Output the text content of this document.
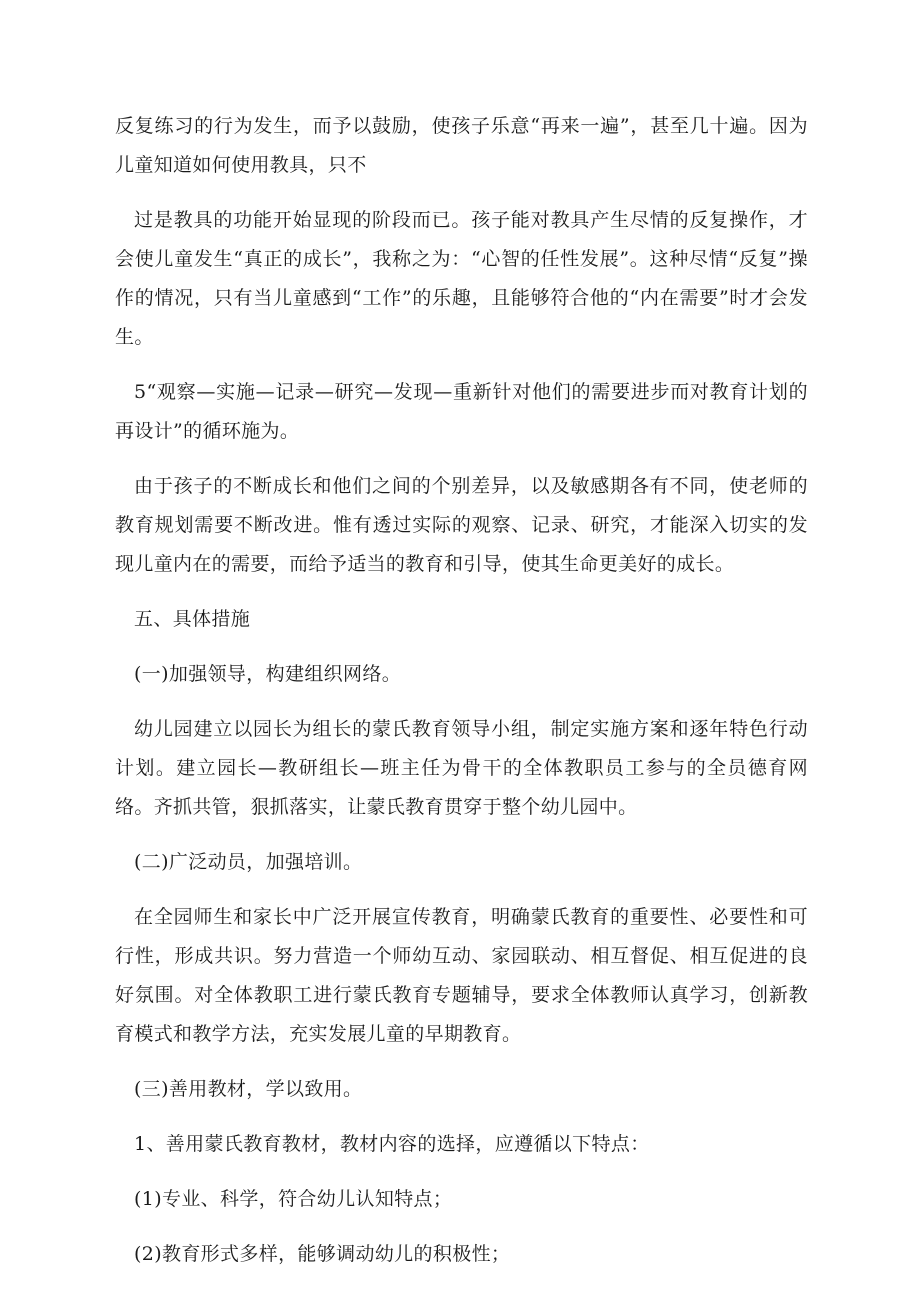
反复练习的行为发生，而予以鼓励，使孩子乐意“再来一遍”，甚至几十遍。因为儿童知道如何使用教具，只不

过是教具的功能开始显现的阶段而已。孩子能对教具产生尽情的反复操作，才会使儿童发生“真正的成长”，我称之为：“心智的任性发展”。这种尽情“反复”操作的情况，只有当儿童感到“工作”的乐趣，且能够符合他的“内在需要”时才会发生。

5“观察—实施—记录—研究—发现—重新针对他们的需要进步而对教育计划的再设计”的循环施为。

由于孩子的不断成长和他们之间的个别差异，以及敏感期各有不同，使老师的教育规划需要不断改进。惟有透过实际的观察、记录、研究，才能深入切实的发现儿童内在的需要，而给予适当的教育和引导，使其生命更美好的成长。

五、具体措施

(一)加强领导，构建组织网络。

幼儿园建立以园长为组长的蒙氏教育领导小组，制定实施方案和逐年特色行动计划。建立园长—教研组长—班主任为骨干的全体教职员工参与的全员德育网络。齐抓共管，狠抓落实，让蒙氏教育贯穿于整个幼儿园中。

(二)广泛动员，加强培训。

在全园师生和家长中广泛开展宣传教育，明确蒙氏教育的重要性、必要性和可行性，形成共识。努力营造一个师幼互动、家园联动、相互督促、相互促进的良好氛围。对全体教职工进行蒙氏教育专题辅导，要求全体教师认真学习，创新教育模式和教学方法，充实发展儿童的早期教育。

(三)善用教材，学以致用。

1、善用蒙氏教育教材，教材内容的选择，应遵循以下特点：

(1)专业、科学，符合幼儿认知特点；

(2)教育形式多样，能够调动幼儿的积极性；
